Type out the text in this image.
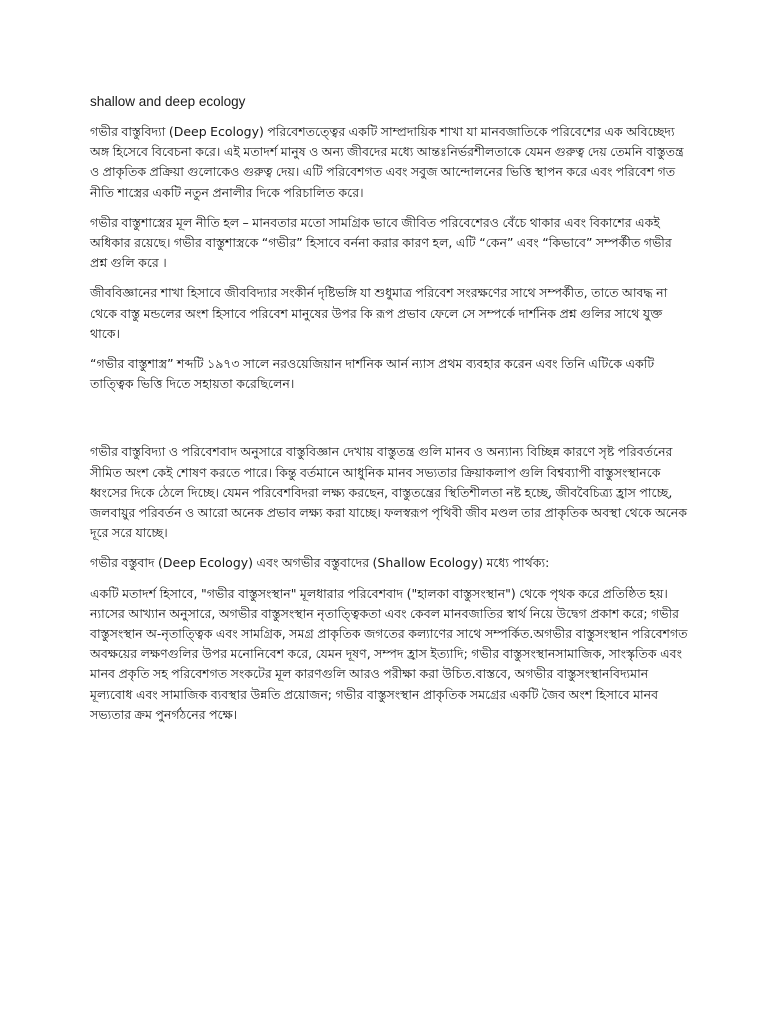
shallow and deep ecology

গভীর বাস্তুবিদ্যা (Deep Ecology) পরিবেশতত্ত্বের একটি সাম্প্রদায়িক শাখা যা মানবজাতিকে পরিবেশের এক অবিচ্ছেদ্য অঙ্গ হিসেবে বিবেচনা করে। এই মতাদর্শ মানুষ ও অন্য জীবদের মধ্যে আন্তঃনির্ভরশীলতাকে যেমন গুরুত্ব দেয় তেমনি বাস্তুতন্ত্র ও প্রাকৃতিক প্রক্রিয়া গুলোকেও গুরুত্ব দেয়। এটি পরিবেশগত এবং সবুজ আন্দোলনের ভিত্তি স্থাপন করে এবং পরিবেশ গত নীতি শাস্ত্রের একটি নতুন প্রনালীর দিকে পরিচালিত করে।

গভীর বাস্তুশাস্ত্রের মূল নীতি হল – মানবতার মতো সামগ্রিক ভাবে জীবিত পরিবেশেরও বেঁচে থাকার এবং বিকাশের একই অধিকার রয়েছে। গভীর বাস্তুশাস্ত্রকে “গভীর” হিসাবে বর্ননা করার কারণ হল, এটি “কেন” এবং “কিভাবে” সম্পর্কীত গভীর প্রশ্ন গুলি করে ।

জীববিজ্ঞানের শাখা হিসাবে জীববিদ্যার সংকীর্ন দৃষ্টিভঙ্গি যা শুধুমাত্র পরিবেশ সংরক্ষণের সাথে সম্পর্কীত, তাতে আবদ্ধ না থেকে বাস্তু মন্ডলের অংশ হিসাবে পরিবেশ মানুষের উপর কি রূপ প্রভাব ফেলে সে সম্পর্কে দার্শনিক প্রশ্ন গুলির সাথে যুক্ত থাকে।

“গভীর বাস্তুশাস্ত্র” শব্দটি ১৯৭৩ সালে নরওয়েজিয়ান দার্শনিক আর্ন ন্যাস প্রথম ব্যবহার করেন এবং তিনি এটিকে একটি তাত্ত্বিক ভিত্তি দিতে সহায়তা করেছিলেন।

গভীর বাস্তুবিদ্যা ও পরিবেশবাদ অনুসারে বাস্তুবিজ্ঞান দেখায় বাস্তুতন্ত্র গুলি মানব ও অন্যান্য বিচ্ছিন্ন কারণে সৃষ্ট পরিবর্তনের সীমিত অংশ কেই শোষণ করতে পারে। কিন্তু বর্তমানে আধুনিক মানব সভ্যতার ক্রিয়াকলাপ গুলি বিশ্বব্যাপী বাস্তুসংস্থানকে ধ্বংসের দিকে ঠেলে দিচ্ছে। যেমন পরিবেশবিদরা লক্ষ্য করছেন, বাস্তুতন্ত্রের স্থিতিশীলতা নষ্ট হচ্ছে, জীববৈচিত্র্য হ্রাস পাচ্ছে, জলবায়ুর পরিবর্তন ও আরো অনেক প্রভাব লক্ষ্য করা যাচ্ছে। ফলস্বরূপ পৃথিবী জীব মণ্ডল তার প্রাকৃতিক অবস্থা থেকে অনেক দূরে সরে যাচ্ছে।

গভীর বস্তুবাদ (Deep Ecology) এবং অগভীর বস্তুবাদের (Shallow Ecology) মধ্যে পার্থক্য:

একটি মতাদর্শ হিসাবে, "গভীর বাস্তুসংস্থান" মূলধারার পরিবেশবাদ ("হালকা বাস্তুসংস্থান") থেকে পৃথক করে প্রতিষ্ঠিত হয়। ন্যাসের আখ্যান অনুসারে, অগভীর বাস্তুসংস্থান নৃতাত্ত্বিকতা এবং কেবল মানবজাতির স্বার্থ নিয়ে উদ্বেগ প্রকাশ করে; গভীর বাস্তুসংস্থান অ-নৃতাত্ত্বিক এবং সামগ্রিক, সমগ্র প্রাকৃতিক জগতের কল্যাণের সাথে সম্পর্কিত.অগভীর বাস্তুসংস্থান পরিবেশগত অবক্ষয়ের লক্ষণগুলির উপর মনোনিবেশ করে, যেমন দূষণ, সম্পদ হ্রাস ইত্যাদি; গভীর বাস্তুসংস্থানসামাজিক, সাংস্কৃতিক এবং মানব প্রকৃতি সহ পরিবেশগত সংকটের মূল কারণগুলি আরও পরীক্ষা করা উচিত.বাস্তবে, অগভীর বাস্তুসংস্থানবিদ্যমান মূল্যবোধ এবং সামাজিক ব্যবস্থার উন্নতি প্রয়োজন; গভীর বাস্তুসংস্থান প্রাকৃতিক সমগ্রের একটি জৈব অংশ হিসাবে মানব সভ্যতার ক্রম পুনর্গঠনের পক্ষে।
